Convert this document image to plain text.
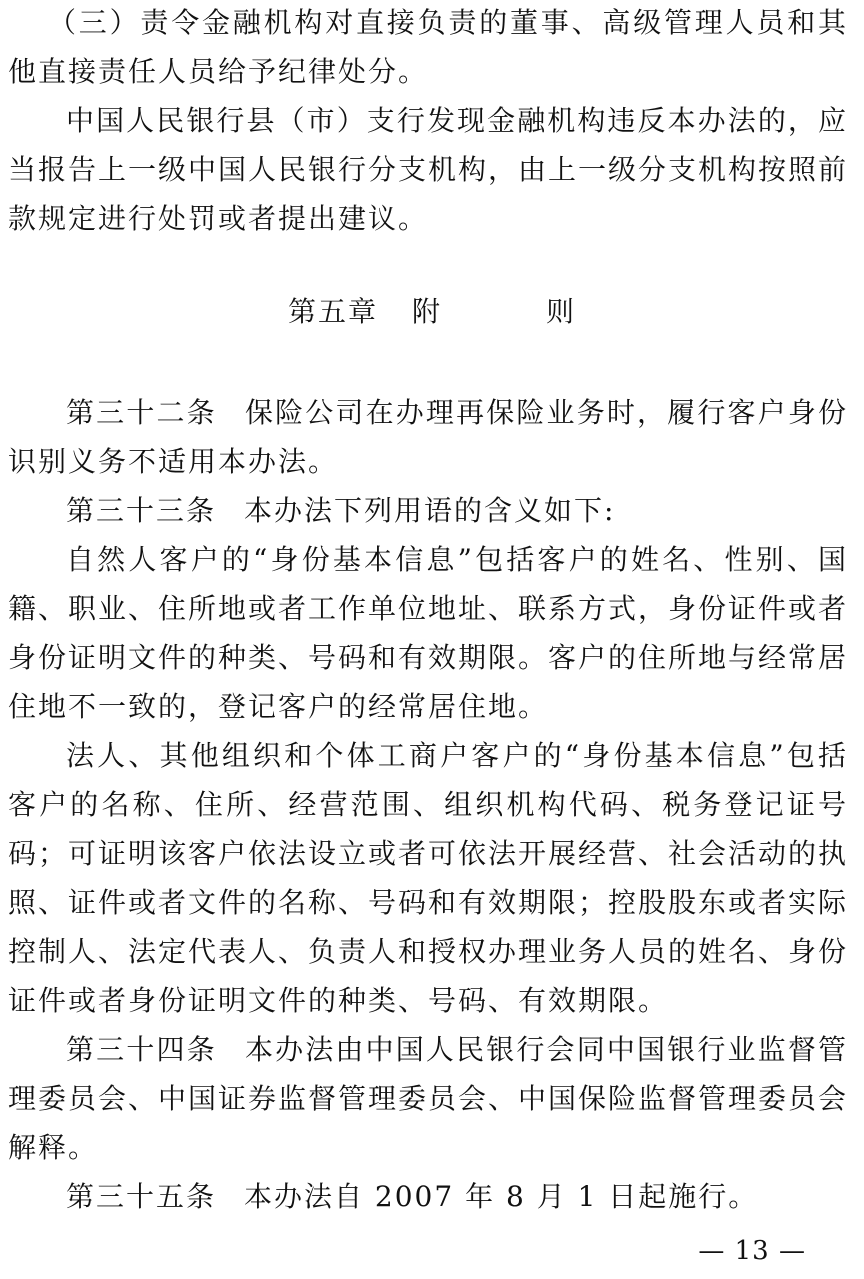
（三）责令金融机构对直接负责的董事、高级管理人员和其他直接责任人员给予纪律处分。

中国人民银行县（市）支行发现金融机构违反本办法的，应当报告上一级中国人民银行分支机构，由上一级分支机构按照前款规定进行处罚或者提出建议。

第五章 附	则

第三十二条 保险公司在办理再保险业务时，履行客户身份识别义务不适用本办法。

第三十三条 本办法下列用语的含义如下:

自然人客户的“身份基本信息”包括客户的姓名、性别、国籍、职业、住所地或者工作单位地址、联系方式，身份证件或者身份证明文件的种类、号码和有效期限。客户的住所地与经常居住地不一致的，登记客户的经常居住地。

法人、其他组织和个体工商户客户的“身份基本信息”包括客户的名称、住所、经营范围、组织机构代码、税务登记证号码；可证明该客户依法设立或者可依法开展经营、社会活动的执照、证件或者文件的名称、号码和有效期限；控股股东或者实际控制人、法定代表人、负责人和授权办理业务人员的姓名、身份证件或者身份证明文件的种类、号码、有效期限。

第三十四条 本办法由中国人民银行会同中国银行业监督管理委员会、中国证券监督管理委员会、中国保险监督管理委员会解释。

第三十五条 本办法自 2007 年 8 月 1 日起施行。

— 13 —
